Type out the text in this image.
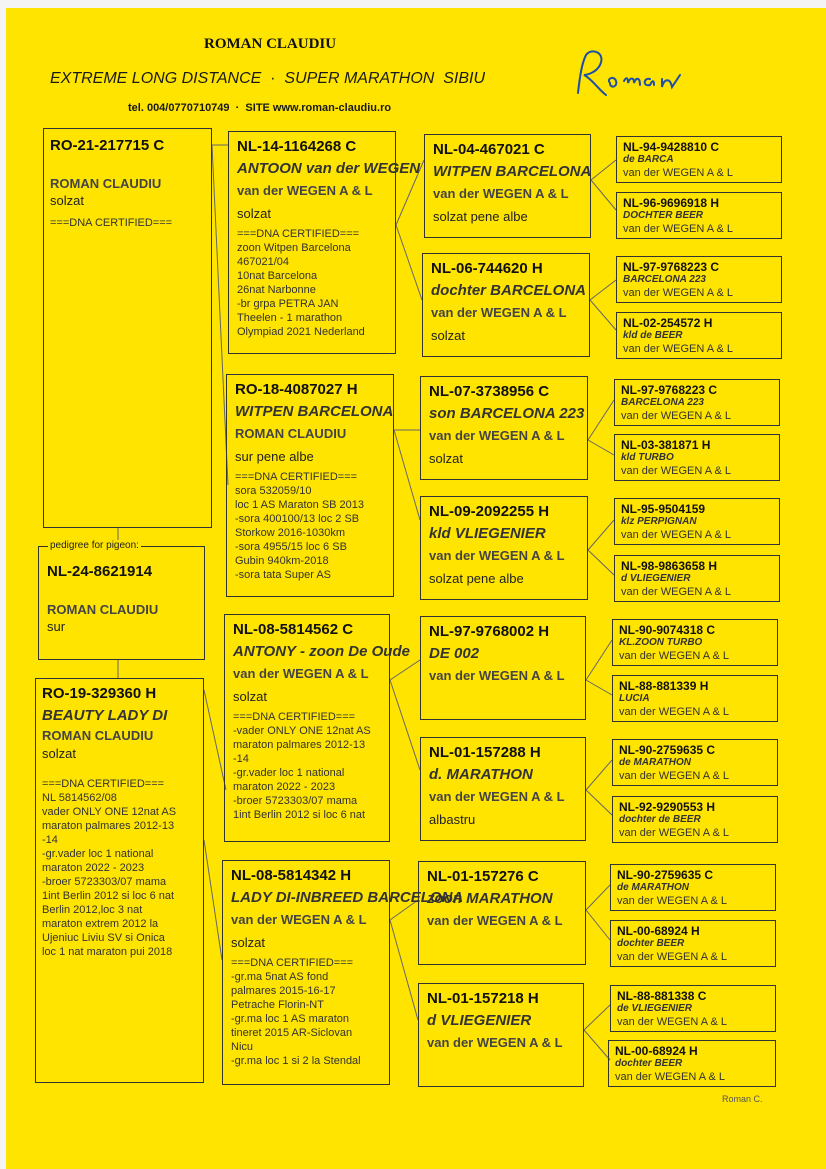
ROMAN CLAUDIU
EXTREME LONG DISTANCE  ·  SUPER MARATHON  SIBIU
tel. 004/0770710749  ·  SITE www.roman-claudiu.ro
RO-21-217715 C
ROMAN CLAUDIU
solzat
===DNA CERTIFIED===
NL-24-8621914
ROMAN CLAUDIU
sur
pedigree for pigeon:
RO-19-329360 H
BEAUTY LADY DI
ROMAN CLAUDIU
solzat
===DNA CERTIFIED===
NL 5814562/08
vader ONLY ONE 12nat AS
maraton palmares 2012-13
-14
-gr.vader loc 1 national
maraton 2022 - 2023
-broer 5723303/07 mama
1int Berlin 2012 si loc 6 nat
Berlin 2012,loc 3 nat
maraton extrem 2012 la
Ujeniuc Liviu SV si Onica
loc 1 nat maraton pui 2018
NL-14-1164268 C
ANTOON van der WEGEN
van der WEGEN A & L
solzat
===DNA CERTIFIED===
zoon Witpen Barcelona
467021/04
10nat Barcelona
26nat Narbonne
-br grpa PETRA JAN
Theelen - 1 marathon
Olympiad 2021 Nederland
RO-18-4087027 H
WITPEN BARCELONA
ROMAN CLAUDIU
sur pene albe
===DNA CERTIFIED===
sora 532059/10
loc 1 AS Maraton SB 2013
-sora 400100/13 loc 2 SB
Storkow 2016-1030km
-sora 4955/15 loc 6 SB
Gubin 940km-2018
-sora tata Super AS
NL-08-5814562 C
ANTONY - zoon De Oude
van der WEGEN A & L
solzat
===DNA CERTIFIED===
-vader ONLY ONE 12nat AS
maraton palmares 2012-13
-14
-gr.vader loc 1 national
maraton 2022 - 2023
-broer 5723303/07 mama
1int Berlin 2012 si loc 6 nat
NL-08-5814342 H
LADY DI-INBREED BARCELONA
van der WEGEN A & L
solzat
===DNA CERTIFIED===
-gr.ma 5nat AS fond
palmares 2015-16-17
Petrache Florin-NT
-gr.ma loc 1 AS maraton
tineret 2015 AR-Siclovan
Nicu
-gr.ma loc 1 si 2 la Stendal
NL-04-467021 C
WITPEN BARCELONA
van der WEGEN A & L
solzat pene albe
NL-06-744620 H
dochter BARCELONA
van der WEGEN A & L
solzat
NL-07-3738956 C
son BARCELONA 223
van der WEGEN A & L
solzat
NL-09-2092255 H
kld VLIEGENIER
van der WEGEN A & L
solzat pene albe
NL-97-9768002 H
DE 002
van der WEGEN A & L
NL-01-157288 H
d. MARATHON
van der WEGEN A & L
albastru
NL-01-157276 C
zoon MARATHON
van der WEGEN A & L
NL-01-157218 H
d VLIEGENIER
van der WEGEN A & L
NL-94-9428810 C
de BARCA
van der WEGEN A & L
NL-96-9696918 H
DOCHTER BEER
van der WEGEN A & L
NL-97-9768223 C
BARCELONA 223
van der WEGEN A & L
NL-02-254572 H
kld de BEER
van der WEGEN A & L
NL-97-9768223 C
BARCELONA 223
van der WEGEN A & L
NL-03-381871 H
kld TURBO
van der WEGEN A & L
NL-95-9504159
klz PERPIGNAN
van der WEGEN A & L
NL-98-9863658 H
d VLIEGENIER
van der WEGEN A & L
NL-90-9074318 C
KL.ZOON TURBO
van der WEGEN A & L
NL-88-881339 H
LUCIA
van der WEGEN A & L
NL-90-2759635 C
de MARATHON
van der WEGEN A & L
NL-92-9290553 H
dochter de BEER
van der WEGEN A & L
NL-90-2759635 C
de MARATHON
van der WEGEN A & L
NL-00-68924 H
dochter BEER
van der WEGEN A & L
NL-88-881338 C
de VLIEGENIER
van der WEGEN A & L
NL-00-68924 H
dochter BEER
van der WEGEN A & L
Roman C.
